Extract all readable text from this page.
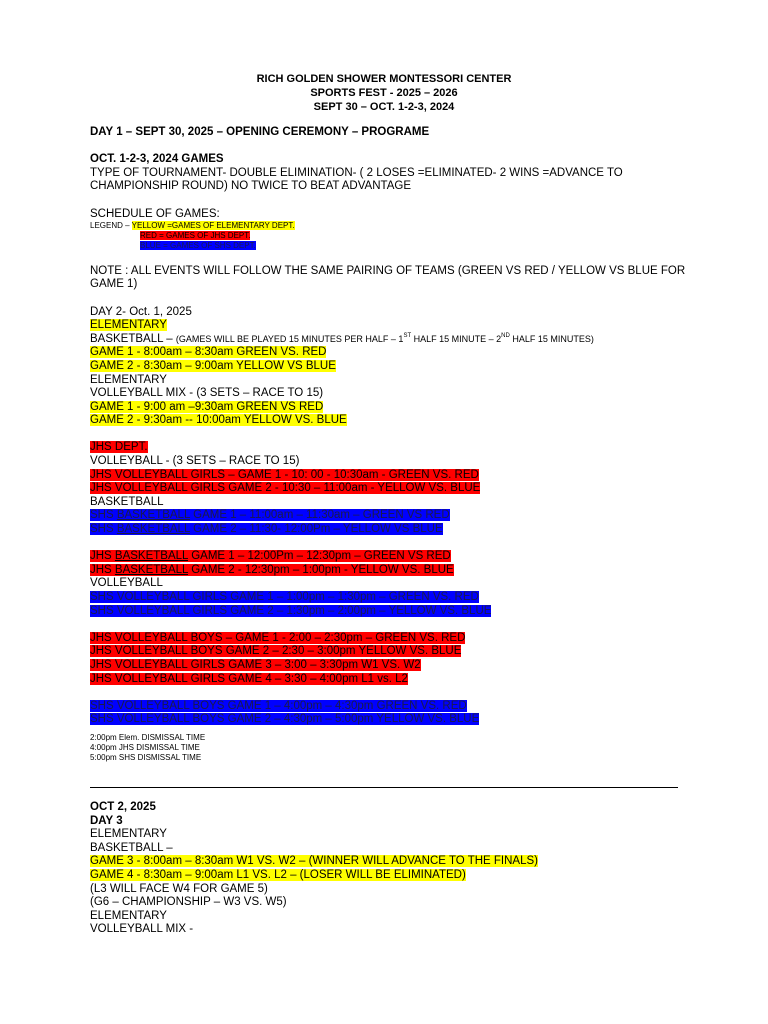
RICH GOLDEN SHOWER MONTESSORI CENTER
SPORTS FEST - 2025 – 2026
SEPT 30 – OCT. 1-2-3, 2024
DAY 1 – SEPT 30, 2025 – OPENING CEREMONY – PROGRAME
OCT. 1-2-3, 2024 GAMES
TYPE OF TOURNAMENT- DOUBLE ELIMINATION- ( 2 LOSES =ELIMINATED- 2 WINS =ADVANCE TO
CHAMPIONSHIP ROUND) NO TWICE TO BEAT ADVANTAGE
SCHEDULE OF GAMES:
LEGEND – YELLOW =GAMES OF ELEMENTARY DEPT.
RED = GAMES OF JHS DEPT.
BLUE = GAMES OF SHS DEPT.
NOTE : ALL EVENTS WILL FOLLOW THE SAME PAIRING OF TEAMS (GREEN VS RED / YELLOW VS BLUE FOR
GAME 1)
DAY 2- Oct. 1, 2025
ELEMENTARY
BASKETBALL – (GAMES WILL BE PLAYED 15 MINUTES PER HALF – 1ST HALF 15 MINUTE – 2ND HALF 15 MINUTES)
GAME 1 - 8:00am – 8:30am GREEN VS. RED
GAME 2 - 8:30am – 9:00am YELLOW VS BLUE
ELEMENTARY
VOLLEYBALL MIX - (3 SETS – RACE TO 15)
GAME 1 - 9:00 am –9:30am GREEN VS RED
GAME 2 - 9:30am -- 10:00am YELLOW VS. BLUE
JHS DEPT.
VOLLEYBALL - (3 SETS – RACE TO 15)
JHS VOLLEYBALL GIRLS – GAME 1 - 10: 00 - 10:30am - GREEN VS. RED
JHS VOLLEYBALL GIRLS GAME 2 - 10:30 – 11:00am - YELLOW VS. BLUE
BASKETBALL
SHS BASKETBALL GAME 1 – 11:00am – 11:30am – GREEN VS RED
SHS BASKETBALL GAME 2 – 11:30- 12:00Pm – YELLOW VS BLUE
JHS BASKETBALL GAME 1 – 12:00Pm – 12:30pm – GREEN VS RED
JHS BASKETBALL GAME 2 - 12:30pm – 1:00pm - YELLOW VS. BLUE
VOLLEYBALL
SHS VOLLEYBALL GIRLS GAME 1 – 1:00pm – 1:30pm – GREEN VS. RED
SHS VOLLEYBALL GIRLS GAME 2 – 1:30pm – 2:00pm – YELLOW VS. BLUE
JHS VOLLEYBALL BOYS – GAME 1 - 2:00 – 2:30pm – GREEN VS. RED
JHS VOLLEYBALL BOYS GAME 2 – 2:30 – 3:00pm YELLOW VS. BLUE
JHS VOLLEYBALL GIRLS GAME 3 – 3:00 – 3:30pm W1 VS. W2
JHS VOLLEYBALL GIRLS GAME 4 – 3:30 – 4:00pm L1 vs. L2
SHS VOLLEYBALL BOYS GAME 1 – 4:00pm – 4:30pm GREEN VS. RED
SHS VOLLEYBALL BOYS GAME 2 – 4:30pm – 5:00pm YELLOW VS. BLUE
2:00pm Elem. DISMISSAL TIME
4:00pm JHS DISMISSAL TIME
5:00pm SHS DISMISSAL TIME
OCT 2, 2025
DAY 3
ELEMENTARY
BASKETBALL –
GAME 3 - 8:00am – 8:30am W1 VS. W2 – (WINNER WILL ADVANCE TO THE FINALS)
GAME 4 - 8:30am – 9:00am L1 VS. L2 – (LOSER WILL BE ELIMINATED)
(L3 WILL FACE W4 FOR GAME 5)
(G6 – CHAMPIONSHIP – W3 VS. W5)
ELEMENTARY
VOLLEYBALL MIX -
